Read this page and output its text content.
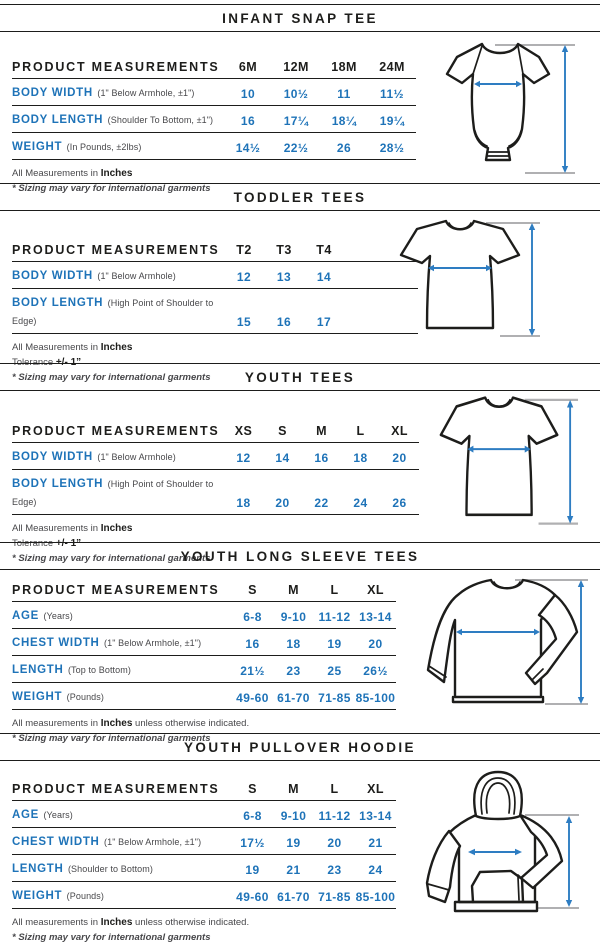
INFANT SNAP TEE
PRODUCT MEASUREMENTS	6M	12M	18M	24M
BODY WIDTH (1" Below Armhole, ±1")	10	10½	11	11½
BODY LENGTH (Shoulder To Bottom, ±1")	16	17¼	18¼	19¼
WEIGHT (In Pounds, ±2lbs)	14½	22½	26	28½

All Measurements in Inches

* Sizing may vary for international garments

TODDLER TEES
PRODUCT MEASUREMENTS	T2	T3	T4	
BODY WIDTH (1" Below Armhole)	12	13	14	
BODY LENGTH (High Point of Shoulder to Edge)	15	16	17	

All Measurements in Inches

Tolerance +/- 1”

* Sizing may vary for international garments	YOUTH TEES
PRODUCT MEASUREMENTS	XS	S	M	L	XL
BODY WIDTH (1" Below Armhole)	12	14	16	18	20
BODY LENGTH (High Point of Shoulder to Edge)	18	20	22	24	26

All Measurements in Inches

Tolerance +/- 1”

* Sizing may vary for international garments

YOUTH LONG SLEEVE TEES
PRODUCT MEASUREMENTS	S	M	L	XL
AGE (Years)	6-8	9-10	11-12	13-14
CHEST WIDTH (1" Below Armhole, ±1")	16	18	19	20
LENGTH (Top to Bottom)	21½	23	25	26½
WEIGHT (Pounds)	49-60	61-70	71-85	85-100

All measurements in Inches unless otherwise indicated.

* Sizing may vary for international garments

YOUTH PULLOVER HOODIE
PRODUCT MEASUREMENTS	S	M	L	XL
AGE (Years)	6-8	9-10	11-12	13-14
CHEST WIDTH (1" Below Armhole, ±1")	17½	19	20	21
LENGTH (Shoulder to Bottom)	19	21	23	24
WEIGHT (Pounds)	49-60	61-70	71-85	85-100

All measurements in Inches unless otherwise indicated.

* Sizing may vary for international garments
